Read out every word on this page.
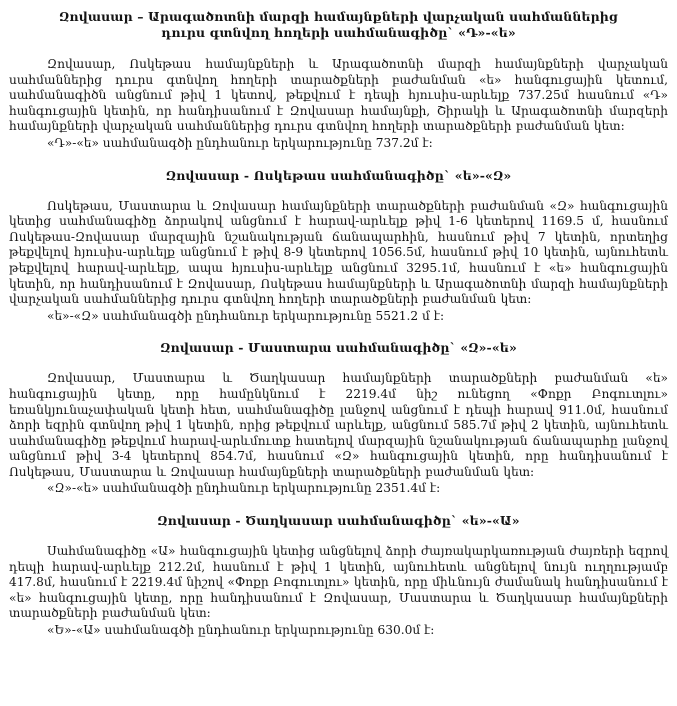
Զովասար – Արագածոտնի մարզի համայնքների վարչական սահմաններից դուրս գտնվող հողերի սահմանագիծը` «Դ»-«ե»

Զովասար, Ոսկեթաս համայնքների և Արագածոտնի մարզի համայնքների վարչական սահմաններից դուրս գտնվող հողերի տարածքների բաժանման «ե» հանգուցային կետում, սահմանագիծն անցնում թիվ 1 կետով, թեքվում է դեպի հյուսիս-արևելք 737.25մ հասնում «Դ» հանգուցային կետին, որ հանդիսանում է Զովասար համայնքի, Շիրակի և Արագածոտնի մարզերի համայնքների վարչական սահմաններից դուրս գտնվող հողերի տարածքների բաժանման կետ:

«Դ»-«ե» սահմանագծի ընդհանուր երկարությունը 737.2մ է:

Զովասար - Ոսկեթաս սահմանագիծը` «ե»-«Զ»

Ոսկեթաս, Մաստարա և Զովասար համայնքների տարածքների բաժանման «Զ» հանգուցային կետից սահմանագիծը ձորակով անցնում է հարավ-արևելք թիվ 1-6 կետերով 1169.5 մ, հասնում Ոսկեթաս-Զովասար մարզային նշանակության ճանապարհին, հասնում թիվ 7 կետին, որտեղից թեքվելով հյուսիս-արևելք անցնում է թիվ 8-9 կետերով 1056.5մ, հասնում թիվ 10 կետին, այնուհետև թեքվելով հարավ-արևելք, ապա հյուսիս-արևելք անցնում 3295.1մ, հասնում է «ե» հանգուցային կետին, որ հանդիսանում է Զովասար, Ոսկեթաս համայնքների և Արագածոտնի մարզի համայնքների վարչական սահմաններից դուրս գտնվող հողերի տարածքների բաժանման կետ:

«ե»-«Զ» սահմանագծի ընդհանուր երկարությունը 5521.2 մ է:

Զովասար - Մաստարա սահմանագիծը` «Զ»-«ե»

Զովասար, Մաստարա և Ծաղկասար համայնքների տարածքների բաժանման «ե» հանգուցային կետը, որը համընկնում է 2219.4մ նիշ ունեցող «Փոքր Բոգուտլու» եռանկյունաչափական կետի հետ, սահմանագիծը լանջով անցնում է դեպի հարավ 911.0մ, հասնում ձորի եզրին գտնվող թիվ 1 կետին, որից թեքվում արևելք, անցնում 585.7մ թիվ 2 կետին, այնուհետև սահմանագիծը թեքվում հարավ-արևմուտք հատելով մարզային նշանակության ճանապարհը լանջով անցնում թիվ 3-4 կետերով 854.7մ, հասնում «Զ» հանգուցային կետին, որը հանդիսանում է Ոսկեթաս, Մաստարա և Զովասար համայնքների տարածքների բաժանման կետ:

«Զ»-«ե» սահմանագծի ընդհանուր երկարությունը 2351.4մ է:

Զովասար - Ծաղկասար սահմանագիծը` «ե»-«Ա»

Սահմանագիծը «Ա» հանգուցային կետից անցնելով ձորի ժայռակարկառության ժայռերի եզրով դեպի հարավ-արևելք 212.2մ, հասնում է թիվ 1 կետին, այնուհետև անցնելով նույն ուղղությամբ 417.8մ, հասնում է 2219.4մ նիշով «Փոքր Բոգուտլու» կետին, որը միևնույն ժամանակ հանդիսանում է «ե» հանգուցային կետը, որը հանդիսանում է Զովասար, Մաստարա և Ծաղկասար համայնքների տարածքների բաժանման կետ:

«Ե»-«Ա» սահմանագծի ընդհանուր երկարությունը 630.0մ է:
